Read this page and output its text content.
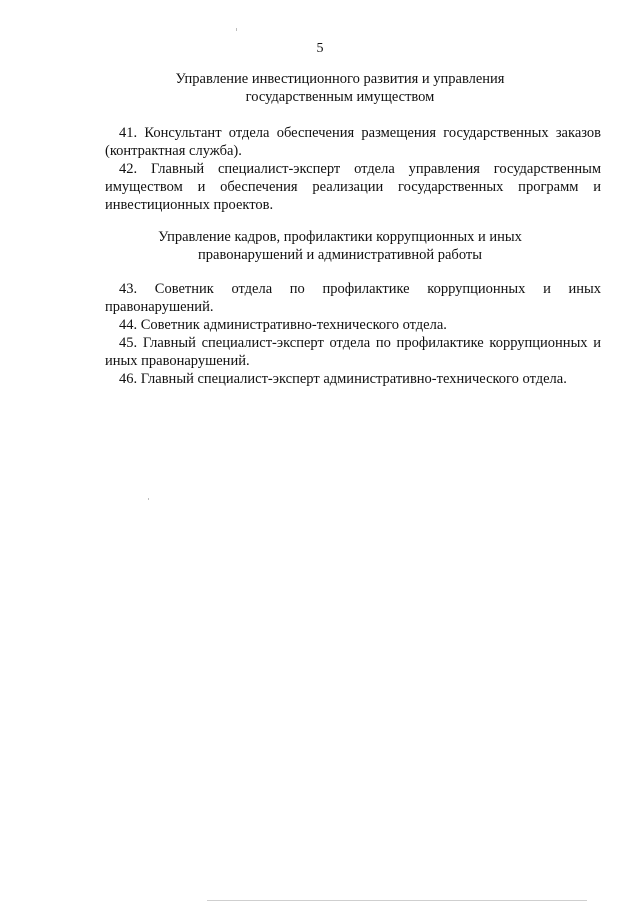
5
Управление инвестиционного развития и управления
государственным имуществом
41. Консультант отдела обеспечения размещения государственных заказов (контрактная служба).
42. Главный специалист-эксперт отдела управления государственным имуществом и обеспечения реализации государственных программ и инвестиционных проектов.
Управление кадров, профилактики коррупционных и иных
правонарушений и административной работы
43. Советник отдела по профилактике коррупционных и иных правонарушений.
44. Советник административно-технического отдела.
45. Главный специалист-эксперт отдела по профилактике коррупционных и иных правонарушений.
46. Главный специалист-эксперт административно-технического отдела.
